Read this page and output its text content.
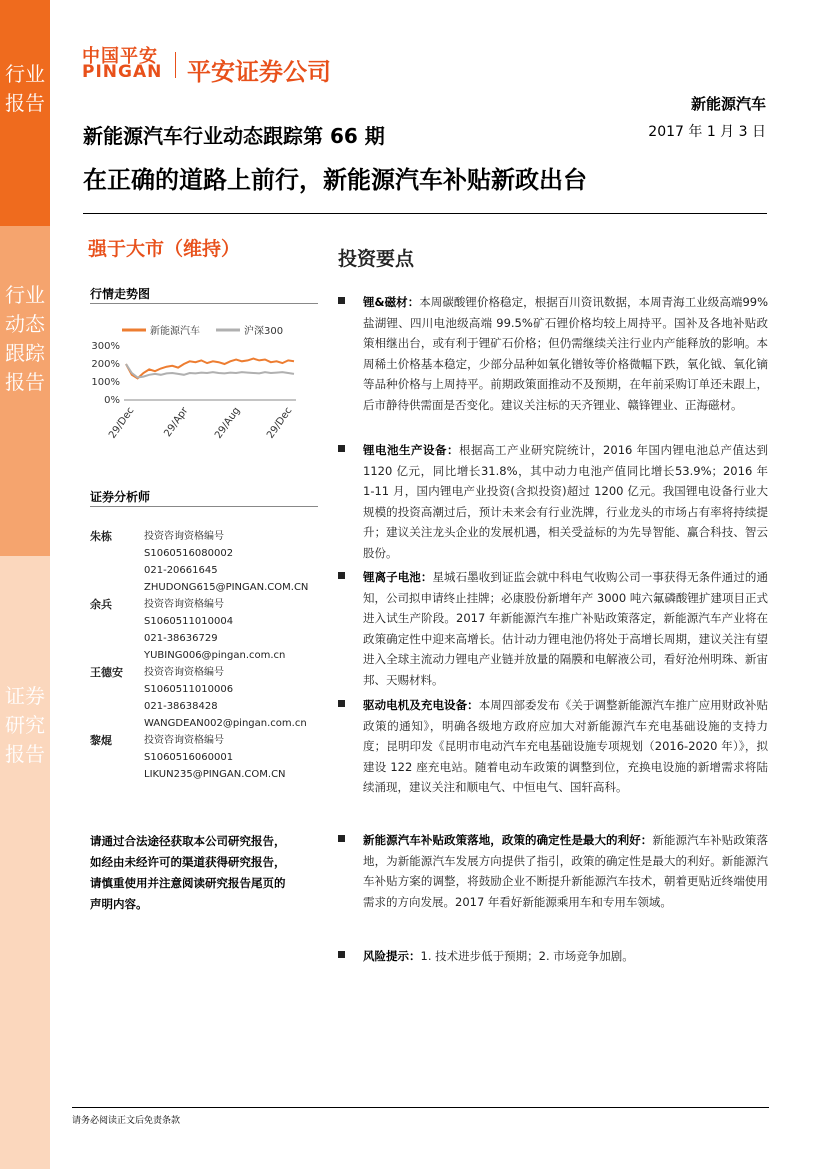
行业报告
行业动态跟踪报告
证券研究报告
中国平安
PINGAN 平安证券公司
新能源汽车
2017 年 1 月 3 日
新能源汽车行业动态跟踪第 66 期
在正确的道路上前行，新能源汽车补贴新政出台
强于大市（维持）
行情走势图
新能源汽车	沪深300
300%
200%
100%
0%
29/Dec	29/Apr 29/Aug 29/Dec
证券分析师
朱栋	投资咨询资格编号
S1060516080002
021-20661645
ZHUDONG615@PINGAN.COM.CN
余兵	投资咨询资格编号
S1060511010004
021-38636729
YUBING006@pingan.com.cn
王德安 投资咨询资格编号
S1060511010006
021-38638428
WANGDEAN002@pingan.com.cn
黎焜	投资咨询资格编号
S1060516060001
LIKUN235@PINGAN.COM.CN
请通过合法途径获取本公司研究报告，如经由未经许可的渠道获得研究报告，请慎重使用并注意阅读研究报告尾页的声明内容。
投资要点
锂&磁材：本周碳酸锂价格稳定，根据百川资讯数据，本周青海工业级高端99%盐湖锂、四川电池级高端 99.5%矿石锂价格均较上周持平。国补及各地补贴政策相继出台，或有利于锂矿石价格；但仍需继续关注行业内产能释放的影响。本周稀土价格基本稳定，少部分品种如氧化镨钕等价格微幅下跌，氧化钺、氧化镝等品种价格与上周持平。前期政策面推动不及预期，在年前采购订单还未跟上，后市静待供需面是否变化。建议关注标的天齐锂业、赣锋锂业、正海磁材。
锂电池生产设备：根据高工产业研究院统计，2016 年国内锂电池总产值达到 1120 亿元，同比增长31.8%，其中动力电池产值同比增长53.9%；2016 年 1-11 月，国内锂电产业投资(含拟投资)超过 1200 亿元。我国锂电设备行业大规模的投资高潮过后，预计未来会有行业洗牌，行业龙头的市场占有率将持续提升；建议关注龙头企业的发展机遇，相关受益标的为先导智能、赢合科技、智云股份。
锂离子电池：星城石墨收到证监会就中科电气收购公司一事获得无条件通过的通知，公司拟申请终止挂牌；必康股份新增年产 3000 吨六氟磷酸锂扩建项目正式进入试生产阶段。2017 年新能源汽车推广补贴政策落定，新能源汽车产业将在政策确定性中迎来高增长。估计动力锂电池仍将处于高增长周期，建议关注有望进入全球主流动力锂电产业链并放量的隔膜和电解液公司，看好沧州明珠、新宙邦、天赐材料。
驱动电机及充电设备：本周四部委发布《关于调整新能源汽车推广应用财政补贴政策的通知》，明确各级地方政府应加大对新能源汽车充电基础设施的支持力度；昆明印发《昆明市电动汽车充电基础设施专项规划（2016-2020 年）》，拟建设 122 座充电站。随着电动车政策的调整到位，充换电设施的新增需求将陆续涌现，建议关注和顺电气、中恒电气、国轩高科。
新能源汽车补贴政策落地，政策的确定性是最大的利好：新能源汽车补贴政策落地，为新能源汽车发展方向提供了指引，政策的确定性是最大的利好。新能源汽车补贴方案的调整，将鼓励企业不断提升新能源汽车技术，朝着更贴近终端使用需求的方向发展。2017 年看好新能源乘用车和专用车领域。
风险提示：1. 技术进步低于预期；2. 市场竞争加剧。
请务必阅读正文后免责条款
